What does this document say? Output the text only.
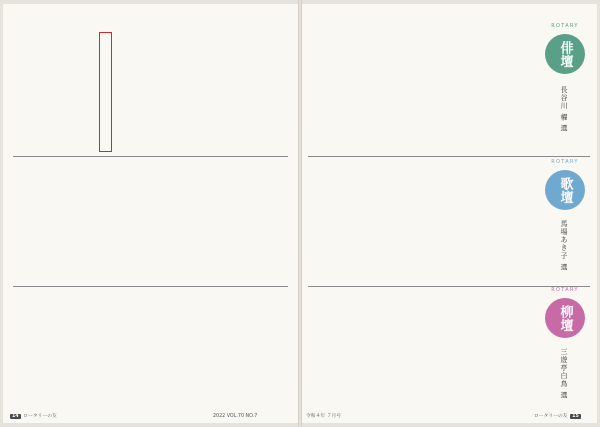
14 ロータリーの友	2022 VOL.70 NO.7
ROTARY
俳壇
長谷川 櫂 選
ROTARY
歌壇
馬場あき子 選
ROTARY
柳壇
三遊亭白鳥 選
令和４年 ７月号	ロータリーの友 15
